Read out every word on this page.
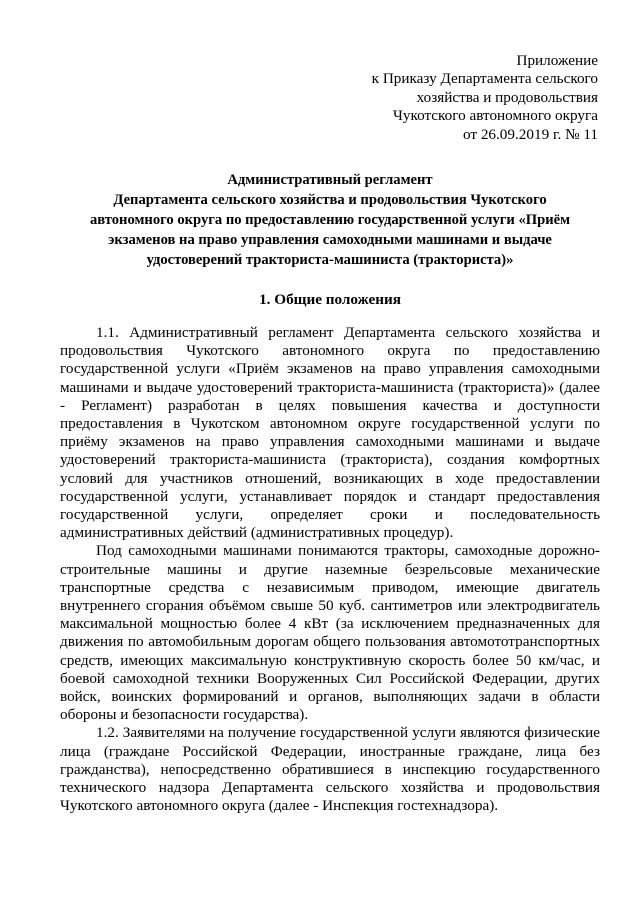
Приложение
к Приказу Департамента сельского
хозяйства и продовольствия
Чукотского автономного округа
от 26.09.2019 г. № 11
Административный регламент
Департамента сельского хозяйства и продовольствия Чукотского
автономного округа по предоставлению государственной услуги «Приём
экзаменов на право управления самоходными машинами и выдаче
удостоверений тракториста-машиниста (тракториста)»
1. Общие положения

1.1. Административный регламент Департамента сельского хозяйства и продовольствия Чукотского автономного округа по предоставлению государственной услуги «Приём экзаменов на право управления самоходными машинами и выдаче удостоверений тракториста-машиниста (тракториста)» (далее - Регламент) разработан в целях повышения качества и доступности предоставления в Чукотском автономном округе государственной услуги по приёму экзаменов на право управления самоходными машинами и выдаче удостоверений тракториста-машиниста (тракториста), создания комфортных условий для участников отношений, возникающих в ходе предоставлении государственной услуги, устанавливает порядок и стандарт предоставления государственной услуги, определяет сроки и последовательность административных действий (административных процедур).

Под самоходными машинами понимаются тракторы, самоходные дорожно-строительные машины и другие наземные безрельсовые механические транспортные средства с независимым приводом, имеющие двигатель внутреннего сгорания объёмом свыше 50 куб. сантиметров или электродвигатель максимальной мощностью более 4 кВт (за исключением предназначенных для движения по автомобильным дорогам общего пользования автомототранспортных средств, имеющих максимальную конструктивную скорость более 50 км/час, и боевой самоходной техники Вооруженных Сил Российской Федерации, других войск, воинских формирований и органов, выполняющих задачи в области обороны и безопасности государства).

1.2. Заявителями на получение государственной услуги являются физические лица (граждане Российской Федерации, иностранные граждане, лица без гражданства), непосредственно обратившиеся в инспекцию государственного технического надзора Департамента сельского хозяйства и продовольствия Чукотского автономного округа (далее - Инспекция гостехнадзора).
